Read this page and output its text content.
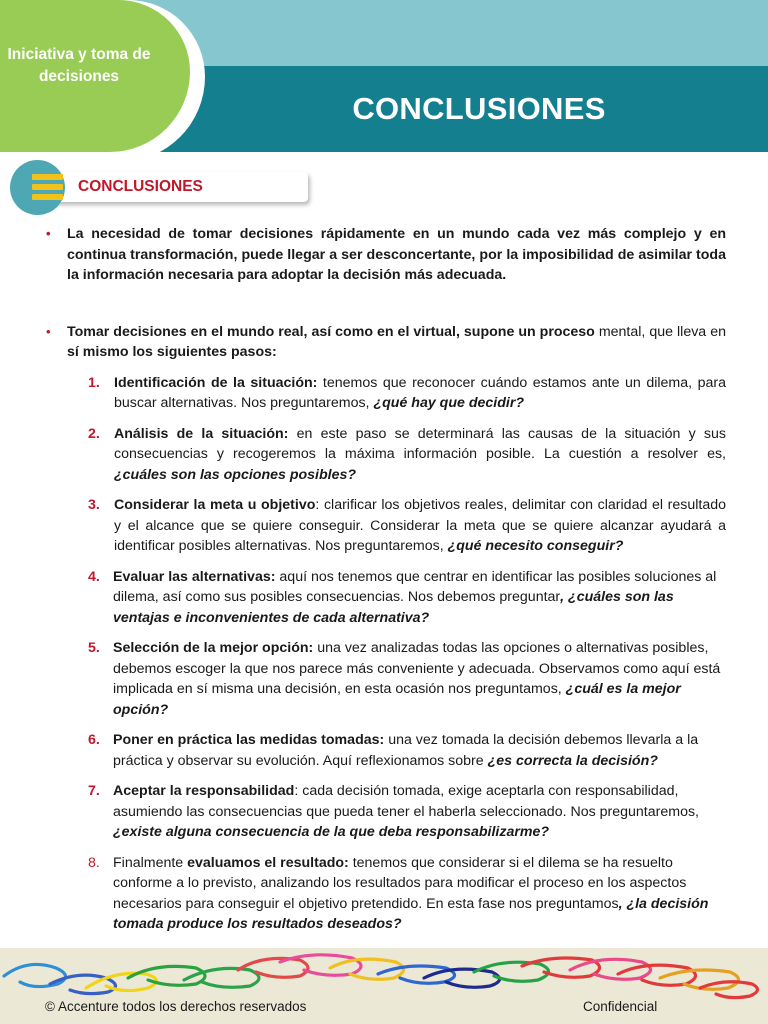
CONCLUSIONES
Iniciativa y toma de decisiones
CONCLUSIONES

• La necesidad de tomar decisiones rápidamente en un mundo cada vez más complejo y en continua transformación, puede llegar a ser desconcertante, por la imposibilidad de asimilar toda la información necesaria para adoptar la decisión más adecuada.

• Tomar decisiones en el mundo real, así como en el virtual, supone un proceso mental, que lleva en sí mismo los siguientes pasos:

1. Identificación de la situación: tenemos que reconocer cuándo estamos ante un dilema, para buscar alternativas. Nos preguntaremos, ¿qué hay que decidir?
2. Análisis de la situación: en este paso se determinará las causas de la situación y sus consecuencias y recogeremos la máxima información posible. La cuestión a resolver es, ¿cuáles son las opciones posibles?
3. Considerar la meta u objetivo: clarificar los objetivos reales, delimitar con claridad el resultado y el alcance que se quiere conseguir. Considerar la meta que se quiere alcanzar ayudará a identificar posibles alternativas. Nos preguntaremos, ¿qué necesito conseguir?
4. Evaluar las alternativas: aquí nos tenemos que centrar en identificar las posibles soluciones al dilema, así como sus posibles consecuencias. Nos debemos preguntar, ¿cuáles son las ventajas e inconvenientes de cada alternativa?
5. Selección de la mejor opción: una vez analizadas todas las opciones o alternativas posibles, debemos escoger la que nos parece más conveniente y adecuada. Observamos como aquí está implicada en sí misma una decisión, en esta ocasión nos preguntamos, ¿cuál es la mejor opción?
6. Poner en práctica las medidas tomadas: una vez tomada la decisión debemos llevarla a la práctica y observar su evolución. Aquí reflexionamos sobre ¿es correcta la decisión?
7. Aceptar la responsabilidad: cada decisión tomada, exige aceptarla con responsabilidad, asumiendo las consecuencias que pueda tener el haberla seleccionado. Nos preguntaremos, ¿existe alguna consecuencia de la que deba responsabilizarme?
8. Finalmente evaluamos el resultado: tenemos que considerar si el dilema se ha resuelto conforme a lo previsto, analizando los resultados para modificar el proceso en los aspectos necesarios para conseguir el objetivo pretendido. En esta fase nos preguntamos, ¿la decisión tomada produce los resultados deseados?
© Accenture todos los derechos reservados	Confidencial
